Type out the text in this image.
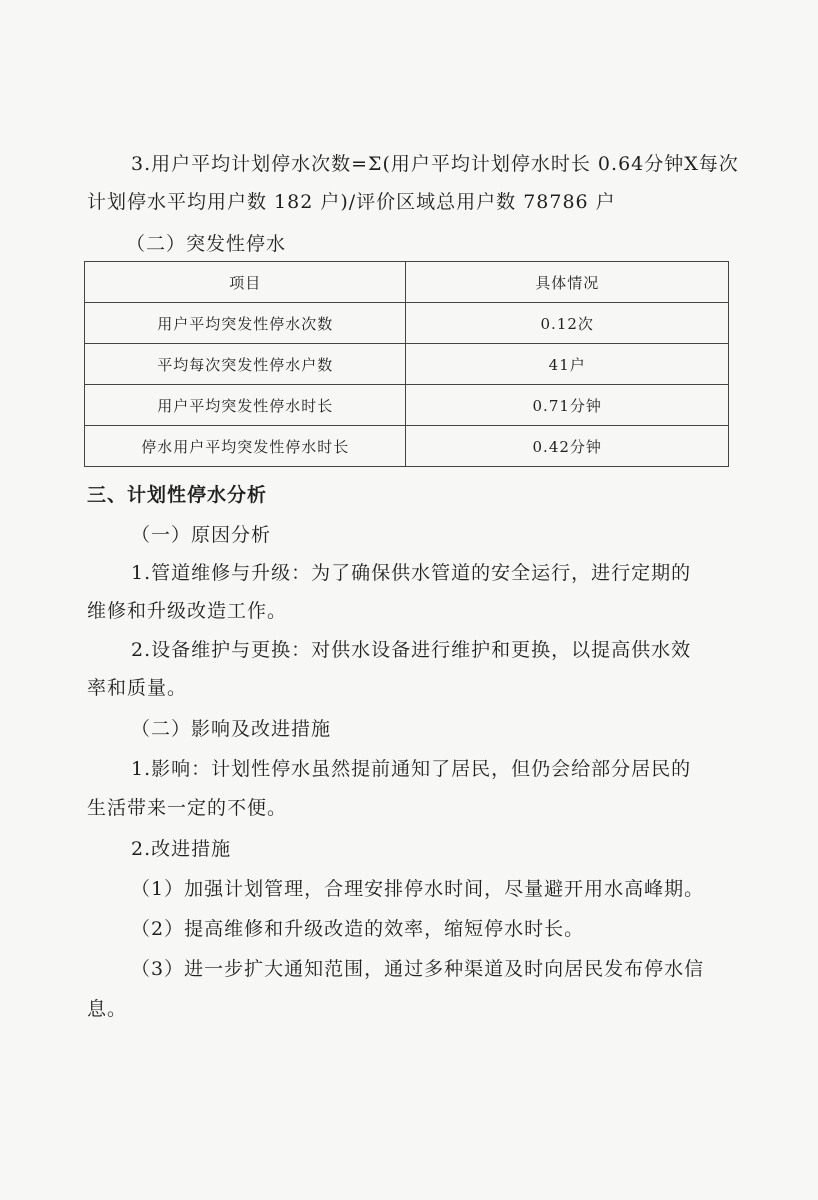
3.用户平均计划停水次数=Σ(用户平均计划停水时长 0.64分钟X每次
计划停水平均用户数 182 户)/评价区域总用户数 78786 户
（二）突发性停水
项目	具体情况
用户平均突发性停水次数	0.12次
平均每次突发性停水户数	41户
用户平均突发性停水时长	0.71分钟
停水用户平均突发性停水时长	0.42分钟
三、计划性停水分析
（一）原因分析
1.管道维修与升级：为了确保供水管道的安全运行，进行定期的
维修和升级改造工作。
2.设备维护与更换：对供水设备进行维护和更换，以提高供水效
率和质量。
（二）影响及改进措施
1.影响：计划性停水虽然提前通知了居民，但仍会给部分居民的
生活带来一定的不便。
2.改进措施
（1）加强计划管理，合理安排停水时间，尽量避开用水高峰期。
（2）提高维修和升级改造的效率，缩短停水时长。
（3）进一步扩大通知范围，通过多种渠道及时向居民发布停水信
息。
